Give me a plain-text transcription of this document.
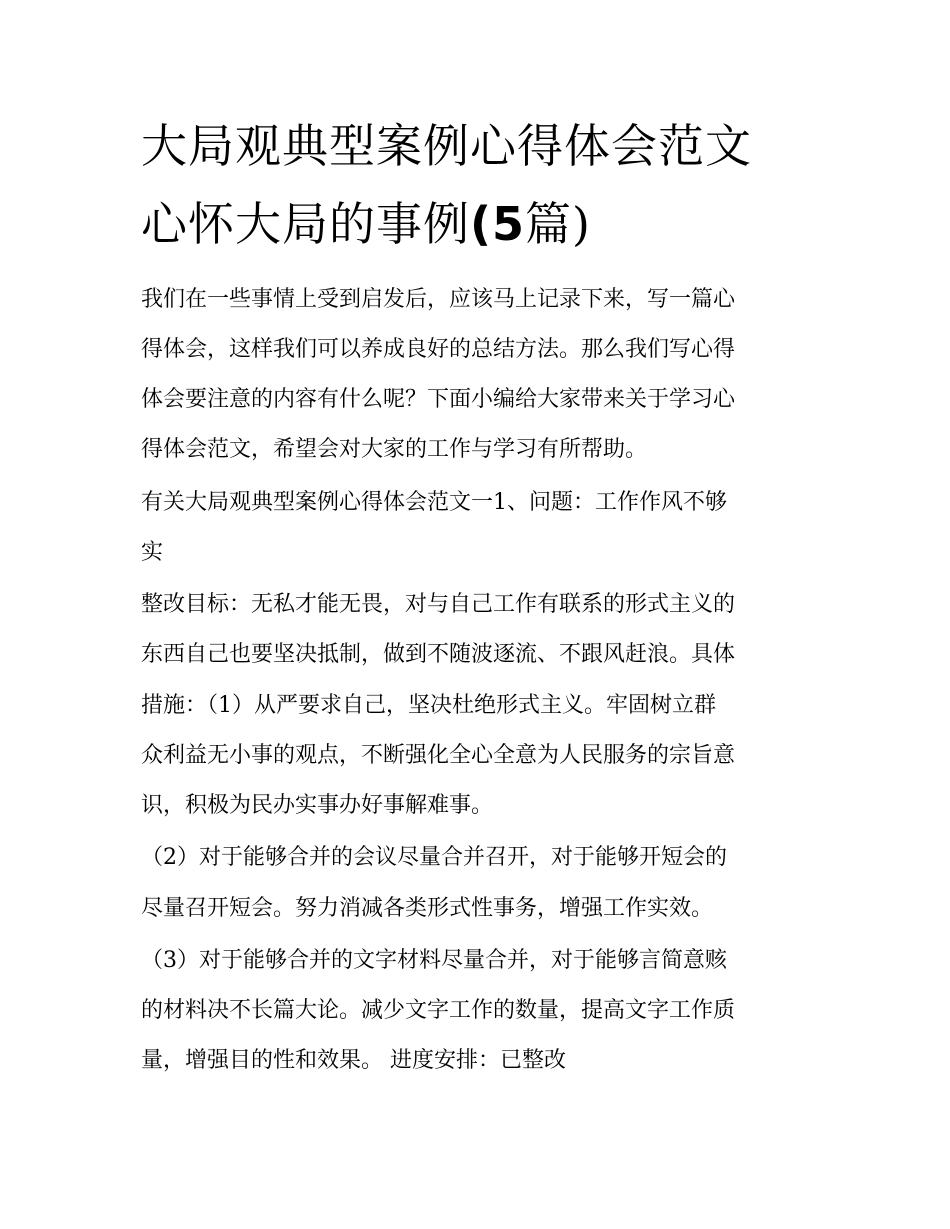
大局观典型案例心得体会范文
心怀大局的事例(5篇)

我们在一些事情上受到启发后，应该马上记录下来，写一篇心

得体会，这样我们可以养成良好的总结方法。那么我们写心得

体会要注意的内容有什么呢？下面小编给大家带来关于学习心

得体会范文，希望会对大家的工作与学习有所帮助。

有关大局观典型案例心得体会范文一1、问题：工作作风不够

实

整改目标：无私才能无畏，对与自己工作有联系的形式主义的

东西自己也要坚决抵制，做到不随波逐流、不跟风赶浪。具体

措施：（1）从严要求自己，坚决杜绝形式主义。牢固树立群

众利益无小事的观点，不断强化全心全意为人民服务的宗旨意

识，积极为民办实事办好事解难事。

（2）对于能够合并的会议尽量合并召开，对于能够开短会的

尽量召开短会。努力消减各类形式性事务，增强工作实效。

（3）对于能够合并的文字材料尽量合并，对于能够言简意赅

的材料决不长篇大论。减少文字工作的数量，提高文字工作质

量，增强目的性和效果。 进度安排：已整改
